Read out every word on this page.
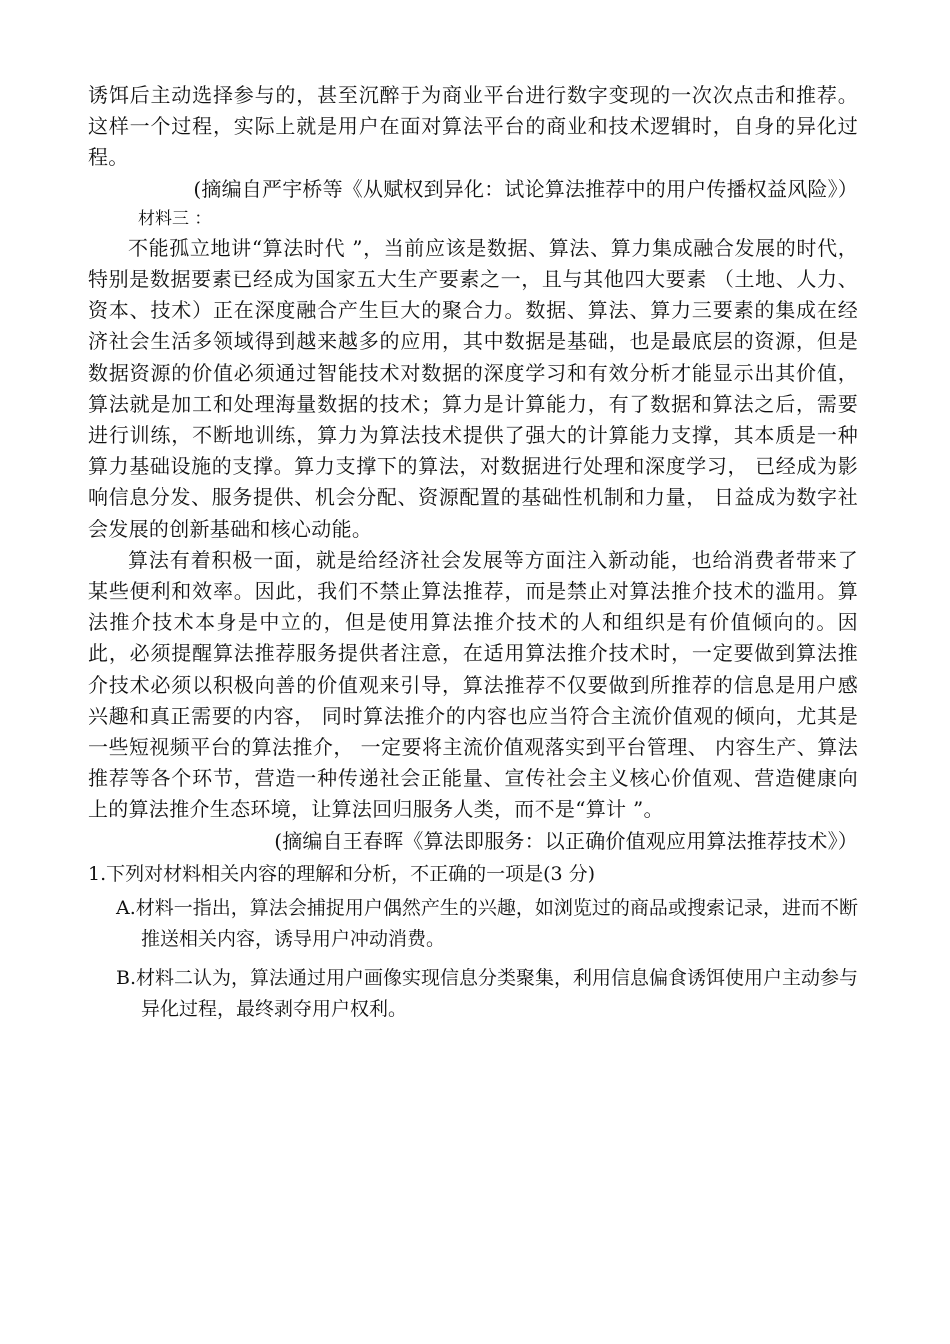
诱饵后主动选择参与的，甚至沉醉于为商业平台进行数字变现的一次次点击和推荐。这样一个过程，实际上就是用户在面对算法平台的商业和技术逻辑时，自身的异化过程。

(摘编自严宇桥等《从赋权到异化：试论算法推荐中的用户传播权益风险》）

材料三 ：

不能孤立地讲“算法时代 ”，当前应该是数据、算法、算力集成融合发展的时代，特别是数据要素已经成为国家五大生产要素之一，且与其他四大要素 （土地、人力、资本、技术）正在深度融合产生巨大的聚合力。数据、算法、算力三要素的集成在经济社会生活多领域得到越来越多的应用，其中数据是基础，也是最底层的资源，但是数据资源的价值必须通过智能技术对数据的深度学习和有效分析才能显示出其价值，算法就是加工和处理海量数据的技术；算力是计算能力，有了数据和算法之后，需要进行训练，不断地训练，算力为算法技术提供了强大的计算能力支撑，其本质是一种算力基础设施的支撑。算力支撑下的算法，对数据进行处理和深度学习， 已经成为影响信息分发、服务提供、机会分配、资源配置的基础性机制和力量， 日益成为数字社会发展的创新基础和核心动能。

算法有着积极一面，就是给经济社会发展等方面注入新动能，也给消费者带来了某些便利和效率。因此，我们不禁止算法推荐，而是禁止对算法推介技术的滥用。算法推介技术本身是中立的，但是使用算法推介技术的人和组织是有价值倾向的。因此，必须提醒算法推荐服务提供者注意，在适用算法推介技术时，一定要做到算法推介技术必须以积极向善的价值观来引导，算法推荐不仅要做到所推荐的信息是用户感兴趣和真正需要的内容， 同时算法推介的内容也应当符合主流价值观的倾向，尤其是一些短视频平台的算法推介， 一定要将主流价值观落实到平台管理、 内容生产、算法推荐等各个环节，营造一种传递社会正能量、宣传社会主义核心价值观、营造健康向上的算法推介生态环境，让算法回归服务人类，而不是“算计 ”。

(摘编自王春晖《算法即服务：以正确价值观应用算法推荐技术》）

1.下列对材料相关内容的理解和分析，不正确的一项是(3 分)

A.材料一指出，算法会捕捉用户偶然产生的兴趣，如浏览过的商品或搜索记录，进而不断推送相关内容，诱导用户冲动消费。

B.材料二认为，算法通过用户画像实现信息分类聚集，利用信息偏食诱饵使用户主动参与异化过程，最终剥夺用户权利。
